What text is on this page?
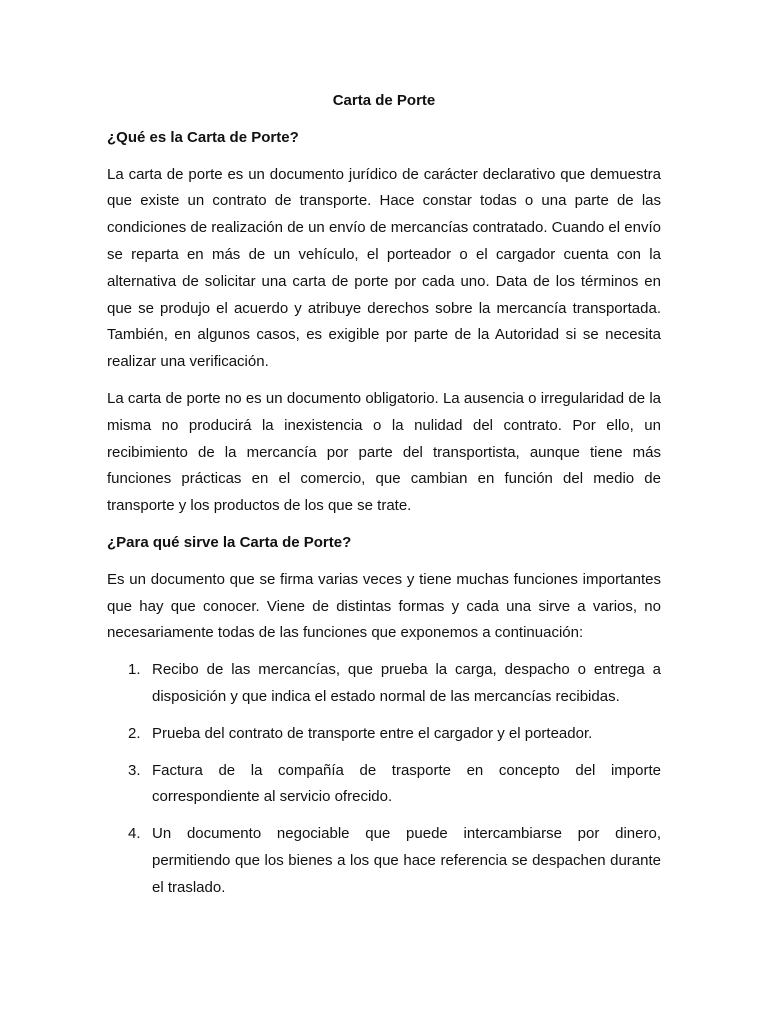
Carta de Porte
¿Qué es la Carta de Porte?

La carta de porte es un documento jurídico de carácter declarativo que demuestra que existe un contrato de transporte. Hace constar todas o una parte de las condiciones de realización de un envío de mercancías contratado. Cuando el envío se reparta en más de un vehículo, el porteador o el cargador cuenta con la alternativa de solicitar una carta de porte por cada uno. Data de los términos en que se produjo el acuerdo y atribuye derechos sobre la mercancía transportada. También, en algunos casos, es exigible por parte de la Autoridad si se necesita realizar una verificación.

La carta de porte no es un documento obligatorio. La ausencia o irregularidad de la misma no producirá la inexistencia o la nulidad del contrato. Por ello, un recibimiento de la mercancía por parte del transportista, aunque tiene más funciones prácticas en el comercio, que cambian en función del medio de transporte y los productos de los que se trate.

¿Para qué sirve la Carta de Porte?

Es un documento que se firma varias veces y tiene muchas funciones importantes que hay que conocer. Viene de distintas formas y cada una sirve a varios, no necesariamente todas de las funciones que exponemos a continuación:

1. Recibo de las mercancías, que prueba la carga, despacho o entrega a disposición y que indica el estado normal de las mercancías recibidas.
2. Prueba del contrato de transporte entre el cargador y el porteador.
3. Factura de la compañía de trasporte en concepto del importe correspondiente al servicio ofrecido.
4. Un documento negociable que puede intercambiarse por dinero, permitiendo que los bienes a los que hace referencia se despachen durante el traslado.
